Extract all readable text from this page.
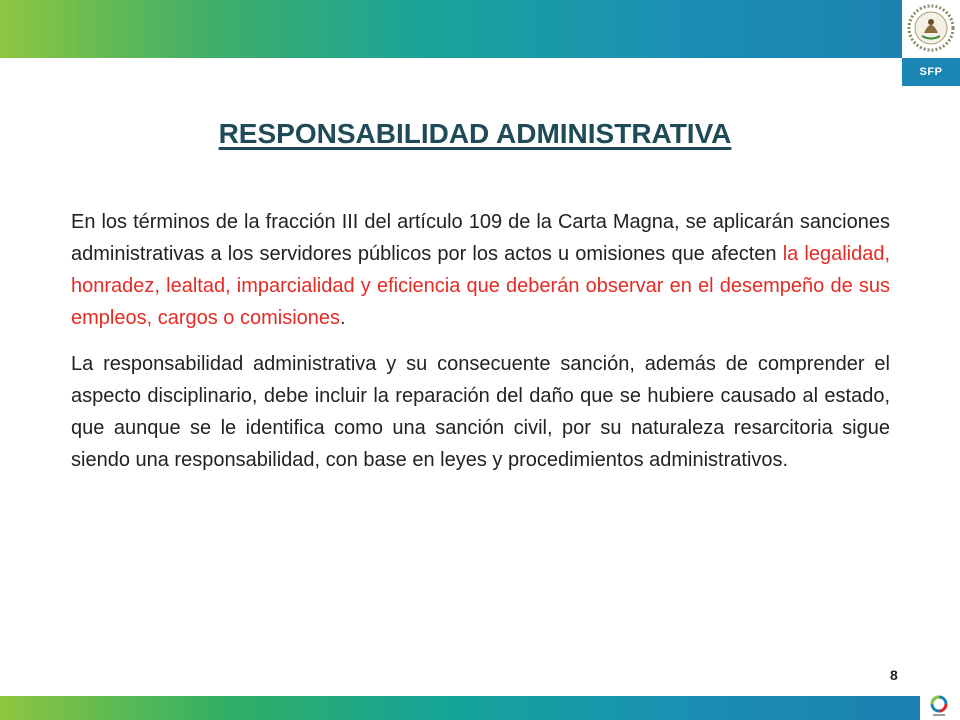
SFP
RESPONSABILIDAD ADMINISTRATIVA

En los términos de la fracción III del artículo 109 de la Carta Magna, se aplicarán sanciones administrativas a los servidores públicos por los actos u omisiones que afecten la legalidad, honradez, lealtad, imparcialidad y eficiencia que deberán observar en el desempeño de sus empleos, cargos o comisiones.

La responsabilidad administrativa y su consecuente sanción, además de comprender el aspecto disciplinario, debe incluir la reparación del daño que se hubiere causado al estado, que aunque se le identifica como una sanción civil, por su naturaleza resarcitoria sigue siendo una responsabilidad, con base en leyes y procedimientos administrativos.

8
